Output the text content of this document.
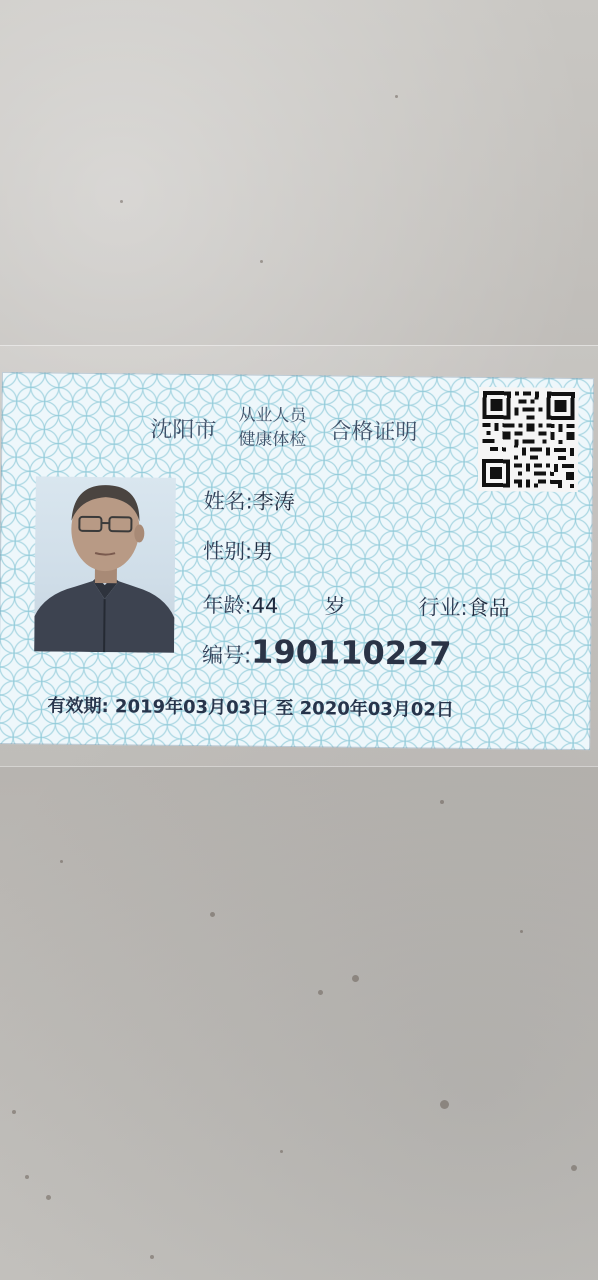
沈阳市
从业人员
健康体检 合格证明
姓名:李涛
性别:男
年龄:44 岁	行业:食品
编号:190110227
有效期: 2019年03月03日 至 2020年03月02日
